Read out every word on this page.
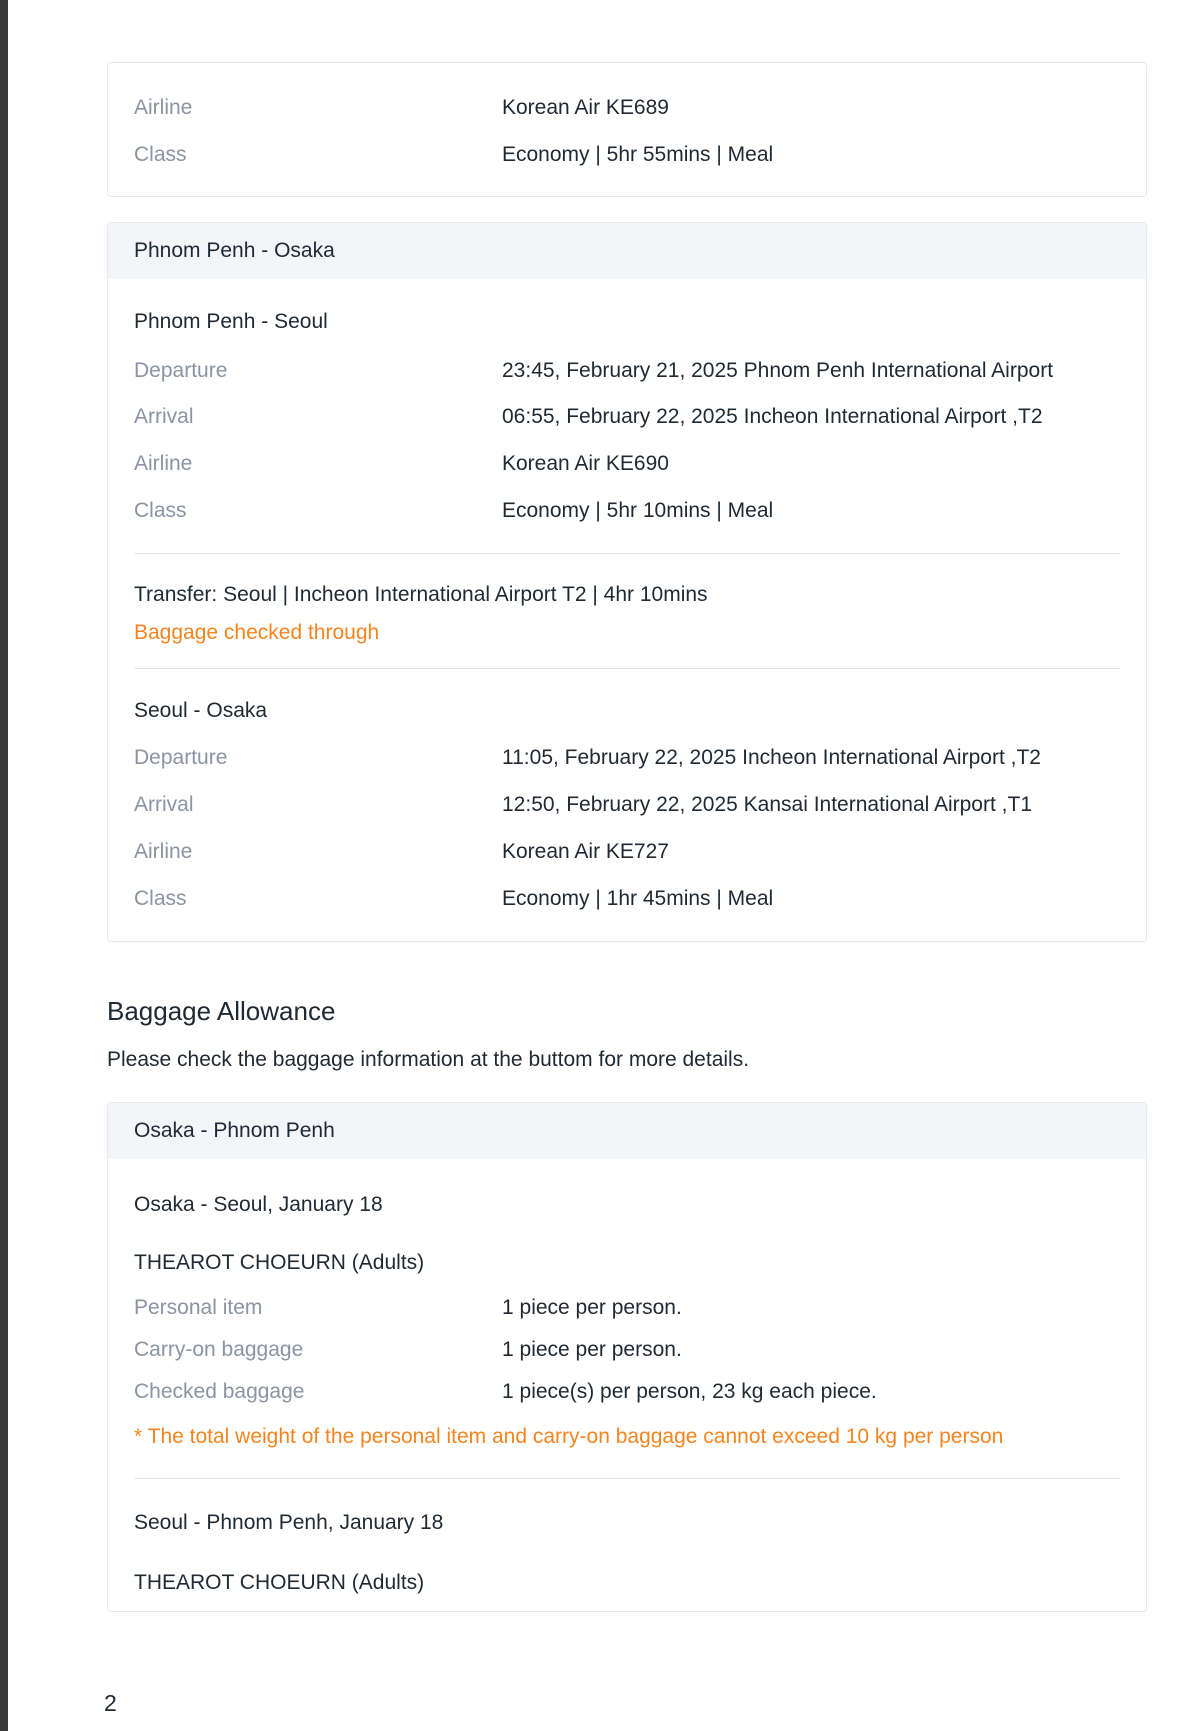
Airline	Korean Air KE689
Class	Economy | 5hr 55mins | Meal
Phnom Penh - Osaka
Phnom Penh - Seoul
Departure	23:45, February 21, 2025 Phnom Penh International Airport
Arrival	06:55, February 22, 2025 Incheon International Airport ,T2
Airline	Korean Air KE690
Class	Economy | 5hr 10mins | Meal
Transfer: Seoul | Incheon International Airport T2 | 4hr 10mins
Baggage checked through
Seoul - Osaka
Departure	11:05, February 22, 2025 Incheon International Airport ,T2
Arrival	12:50, February 22, 2025 Kansai International Airport ,T1
Airline	Korean Air KE727
Class	Economy | 1hr 45mins | Meal
Baggage Allowance
Please check the baggage information at the buttom for more details.
Osaka - Phnom Penh
Osaka - Seoul, January 18
THEAROT CHOEURN (Adults)
Personal item	1 piece per person.
Carry-on baggage	1 piece per person.
Checked baggage	1 piece(s) per person, 23 kg each piece.
* The total weight of the personal item and carry-on baggage cannot exceed 10 kg per person
Seoul - Phnom Penh, January 18
THEAROT CHOEURN (Adults)
2
